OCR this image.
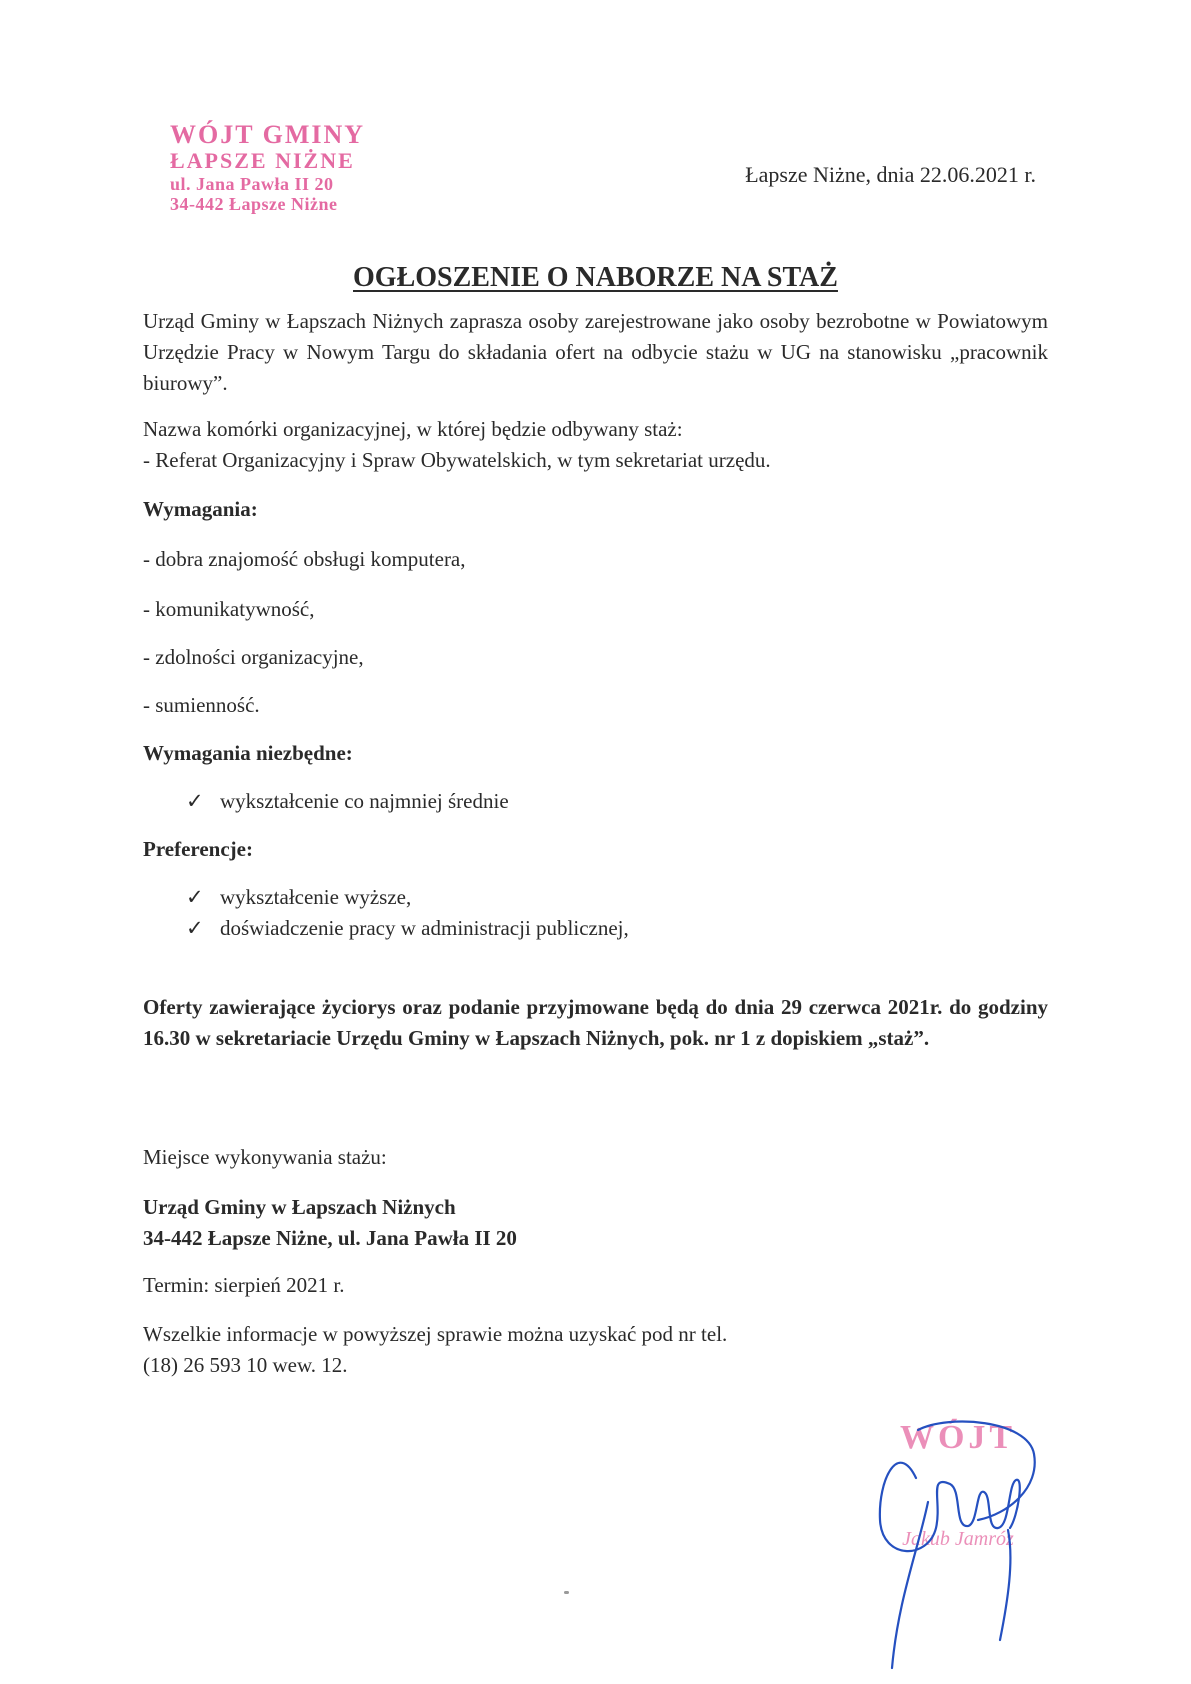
WÓJT GMINY
ŁAPSZE NIŻNE
ul. Jana Pawła II 20
34-442 Łapsze Niżne
Łapsze Niżne, dnia 22.06.2021 r.
OGŁOSZENIE O NABORZE NA STAŻ
Urząd Gminy w Łapszach Niżnych zaprasza osoby zarejestrowane jako osoby bezrobotne w Powiatowym Urzędzie Pracy w Nowym Targu do składania ofert na odbycie stażu w UG na stanowisku „pracownik biurowy”.
Nazwa komórki organizacyjnej, w której będzie odbywany staż:
- Referat Organizacyjny i Spraw Obywatelskich, w tym sekretariat urzędu.
Wymagania:
- dobra znajomość obsługi komputera,
- komunikatywność,
- zdolności organizacyjne,
- sumienność.
Wymagania niezbędne:
✓ wykształcenie co najmniej średnie
Preferencje:
✓ wykształcenie wyższe,
✓ doświadczenie pracy w administracji publicznej,
Oferty zawierające życiorys oraz podanie przyjmowane będą do dnia 29 czerwca 2021r. do godziny 16.30 w sekretariacie Urzędu Gminy w Łapszach Niżnych, pok. nr 1 z dopiskiem „staż”.
Miejsce wykonywania stażu:
Urząd Gminy w Łapszach Niżnych
34-442 Łapsze Niżne, ul. Jana Pawła II 20
Termin: sierpień 2021 r.
Wszelkie informacje w powyższej sprawie można uzyskać pod nr tel.
(18) 26 593 10 wew. 12.
WÓJT
Jakub Jamróz
